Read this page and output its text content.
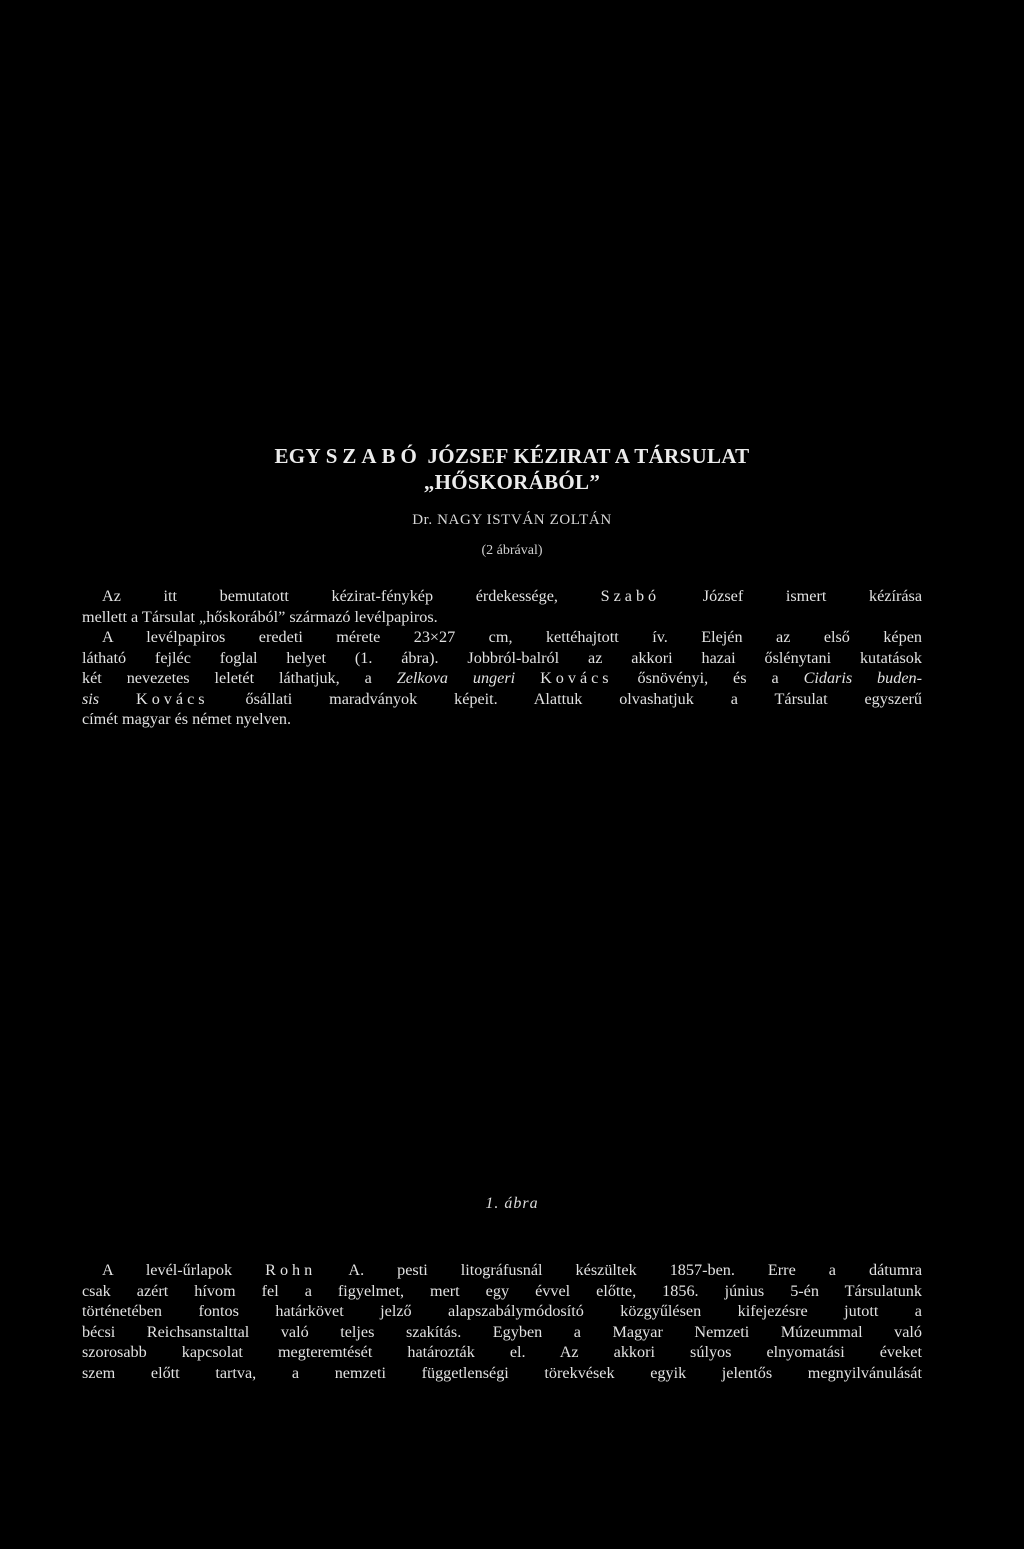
EGY SZABÓ JÓZSEF KÉZIRAT A TÁRSULAT
„HŐSKORÁBÓL”
Dr. NAGY ISTVÁN ZOLTÁN
(2 ábrával)
Az itt bemutatott kézirat-fénykép érdekessége,	Szabó	József ismert kézírása
mellett a Társulat „hőskorából” származó levélpapiros.
A levélpapiros eredeti mérete 23×27 cm, kettéhajtott ív. Elején az első képen
látható fejléc foglal helyet (1. ábra). Jobbról-balról az akkori hazai őslénytani kutatások
két nevezetes leletét láthatjuk, a Zelkova ungeri Kovács ősnövényi, és a Cidaris buden-
sis Kovács ősállati maradványok képeit. Alattuk olvashatjuk a Társulat egyszerű
címét magyar és német nyelven.
1. ábra
A levél-űrlapok Rohn A. pesti litográfusnál készültek 1857-ben. Erre a dátumra
csak azért hívom fel a figyelmet, mert egy évvel előtte, 1856. június 5-én Társulatunk
történetében fontos határkövet jelző alapszabálymódosító közgyűlésen kifejezésre jutott a
bécsi Reichsanstalttal való teljes szakítás. Egyben a Magyar Nemzeti Múzeummal való
szorosabb kapcsolat megteremtését határozták el. Az akkori súlyos elnyomatási éveket
szem előtt tartva, a nemzeti függetlenségi törekvések egyik jelentős megnyilvánulását
